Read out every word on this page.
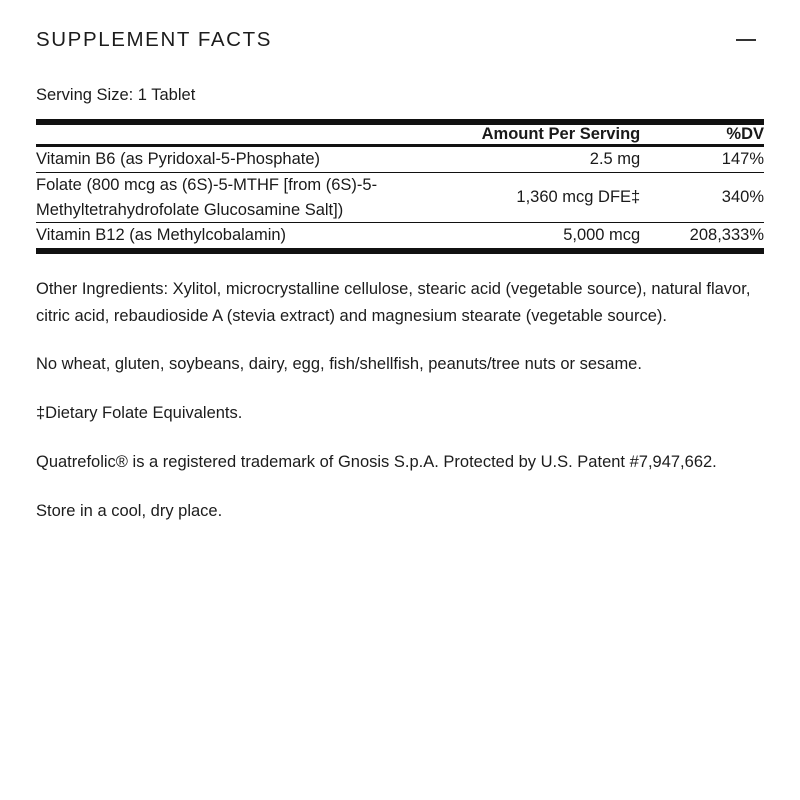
SUPPLEMENT FACTS
Serving Size: 1 Tablet

	Amount Per Serving	%DV

Vitamin B6 (as Pyridoxal-5-Phosphate)	2.5 mg	147%

Folate (800 mcg as (6S)-5-MTHF [from (6S)-5-Methyltetrahydrofolate Glucosamine Salt])	1,360 mcg DFE‡	340%

Vitamin B12 (as Methylcobalamin)	5,000 mcg	208,333%

Other Ingredients: Xylitol, microcrystalline cellulose, stearic acid (vegetable source), natural flavor, citric acid, rebaudioside A (stevia extract) and magnesium stearate (vegetable source).

No wheat, gluten, soybeans, dairy, egg, fish/shellfish, peanuts/tree nuts or sesame.

‡Dietary Folate Equivalents.

Quatrefolic® is a registered trademark of Gnosis S.p.A. Protected by U.S. Patent #7,947,662.

Store in a cool, dry place.
